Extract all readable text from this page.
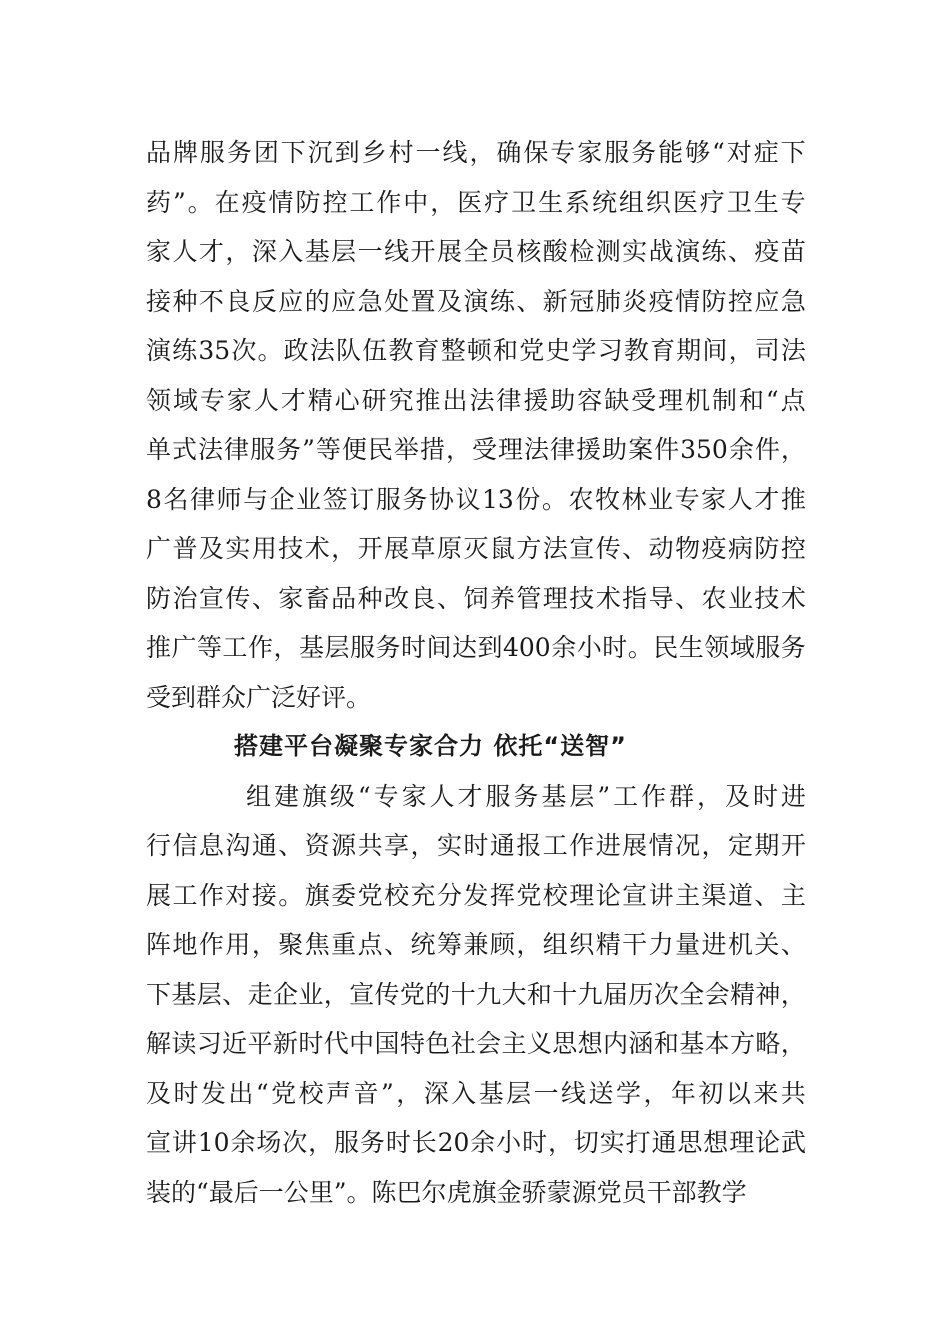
品 牌 服 务 团 下 沉 到 乡 村 一 线 ， 确 保 专 家 服 务 能 够 “ 对 症 下
药 ” 。 在 疫 情 防 控 工 作 中 ， 医 疗 卫 生 系 统 组 织 医 疗 卫 生 专
家 人 才 ， 深 入 基 层 一 线 开 展 全 员 核 酸 检 测 实 战 演 练 、 疫 苗
接 种 不 良 反 应 的 应 急 处 置 及 演 练 、 新 冠 肺 炎 疫 情 防 控 应 急
演 练 35 次 。 政 法 队 伍 教 育 整 顿 和 党 史 学 习 教 育 期 间 ， 司 法
领 域 专 家 人 才 精 心 研 究 推 出 法 律 援 助 容 缺 受 理 机 制 和 “ 点
单 式 法 律 服 务 ” 等 便 民 举 措 ， 受 理 法 律 援 助 案 件 350 余 件 ，
8 名 律 师 与 企 业 签 订 服 务 协 议 13 份 。 农 牧 林 业 专 家 人 才 推
广 普 及 实 用 技 术 ， 开 展 草 原 灭 鼠 方 法 宣 传 、 动 物 疫 病 防 控
防 治 宣 传 、 家 畜 品 种 改 良 、 饲 养 管 理 技 术 指 导 、 农 业 技 术
推 广 等 工 作 ， 基 层 服 务 时 间 达 到 400 余 小 时 。 民 生 领 域 服 务
受到群众广泛好评。
搭建平台凝聚专家合力 依托“送智”
组 建 旗 级 “ 专 家 人 才 服 务 基 层 ” 工 作 群 ， 及 时 进
行 信 息 沟 通 、 资 源 共 享 ， 实 时 通 报 工 作 进 展 情 况 ， 定 期 开
展 工 作 对 接 。 旗 委 党 校 充 分 发 挥 党 校 理 论 宣 讲 主 渠 道 、 主
阵 地 作 用 ， 聚 焦 重 点 、 统 筹 兼 顾 ， 组 织 精 干 力 量 进 机 关 、
下 基 层 、 走 企 业 ， 宣 传 党 的 十 九 大 和 十 九 届 历 次 全 会 精 神 ，
解 读 习 近 平 新 时 代 中 国 特 色 社 会 主 义 思 想 内 涵 和 基 本 方 略 ，
及 时 发 出 “ 党 校 声 音 ” ， 深 入 基 层 一 线 送 学 ， 年 初 以 来 共
宣 讲 10 余 场 次 ， 服 务 时 长 20 余 小 时 ， 切 实 打 通 思 想 理 论 武
装的“最后一公里”。陈巴尔虎旗金骄蒙源党员干部教学
